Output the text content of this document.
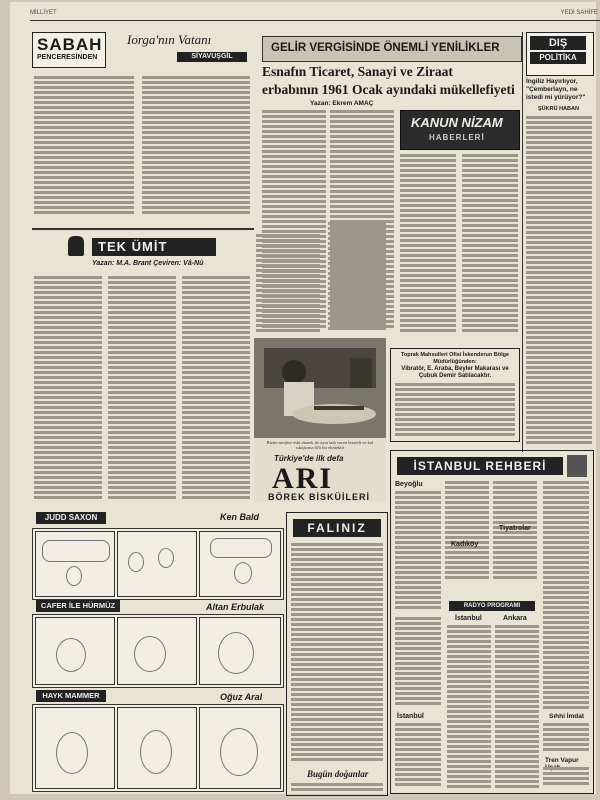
MİLLİYET	YEDİ SAHİFE
SABAH
PENCERESİNDEN
Iorga'nın Vatanı
SİYAVUŞGİL
GELİR VERGİSİNDE ÖNEMLİ YENİLİKLER
Esnafın Ticaret, Sanayi ve Ziraat
erbabının 1961 Ocak ayındaki mükellefiyeti
Yazan: Ekrem AMAÇ
KANUN NİZAM
HABERLERİ
DIŞ
POLİTİKA
İngiliz Hayırlıyor, "Çemberlayn, ne istedi mi yürüyor?"
ŞÜKRÜ HABAN
TEK ÜMİT
Yazan: M.A. Brant Çeviren: Vâ-Nû
Bizim meşhur eski ekmek ile aynı tadı veren lezzetli ve bol sıkıştırma lifli bir ekmektir
Türkiye'de ilk defa
ARI
BÖREK BİSKÜİLERİ
Toprak Mahsulleri Ofisi İskenderun Bölge Müdürlüğünden:
Vibratör, E. Araba, Beyler Makarası ve Çubuk Demir Satılacaktır.
İSTANBUL REHBERİ
Beyoğlu
Kadıköy
Tiyatrolar
RADYO PROGRAMI
İstanbul	Ankara
İstanbul	Sıhhi İmdat
Tren Vapur
FALINIZ
Bugün doğanlar
JUDD SAXON	Ken Bald
CAFER İLE HÜRMÜZ	Altan Erbulak
HAYK MAMMER	Oğuz Aral
